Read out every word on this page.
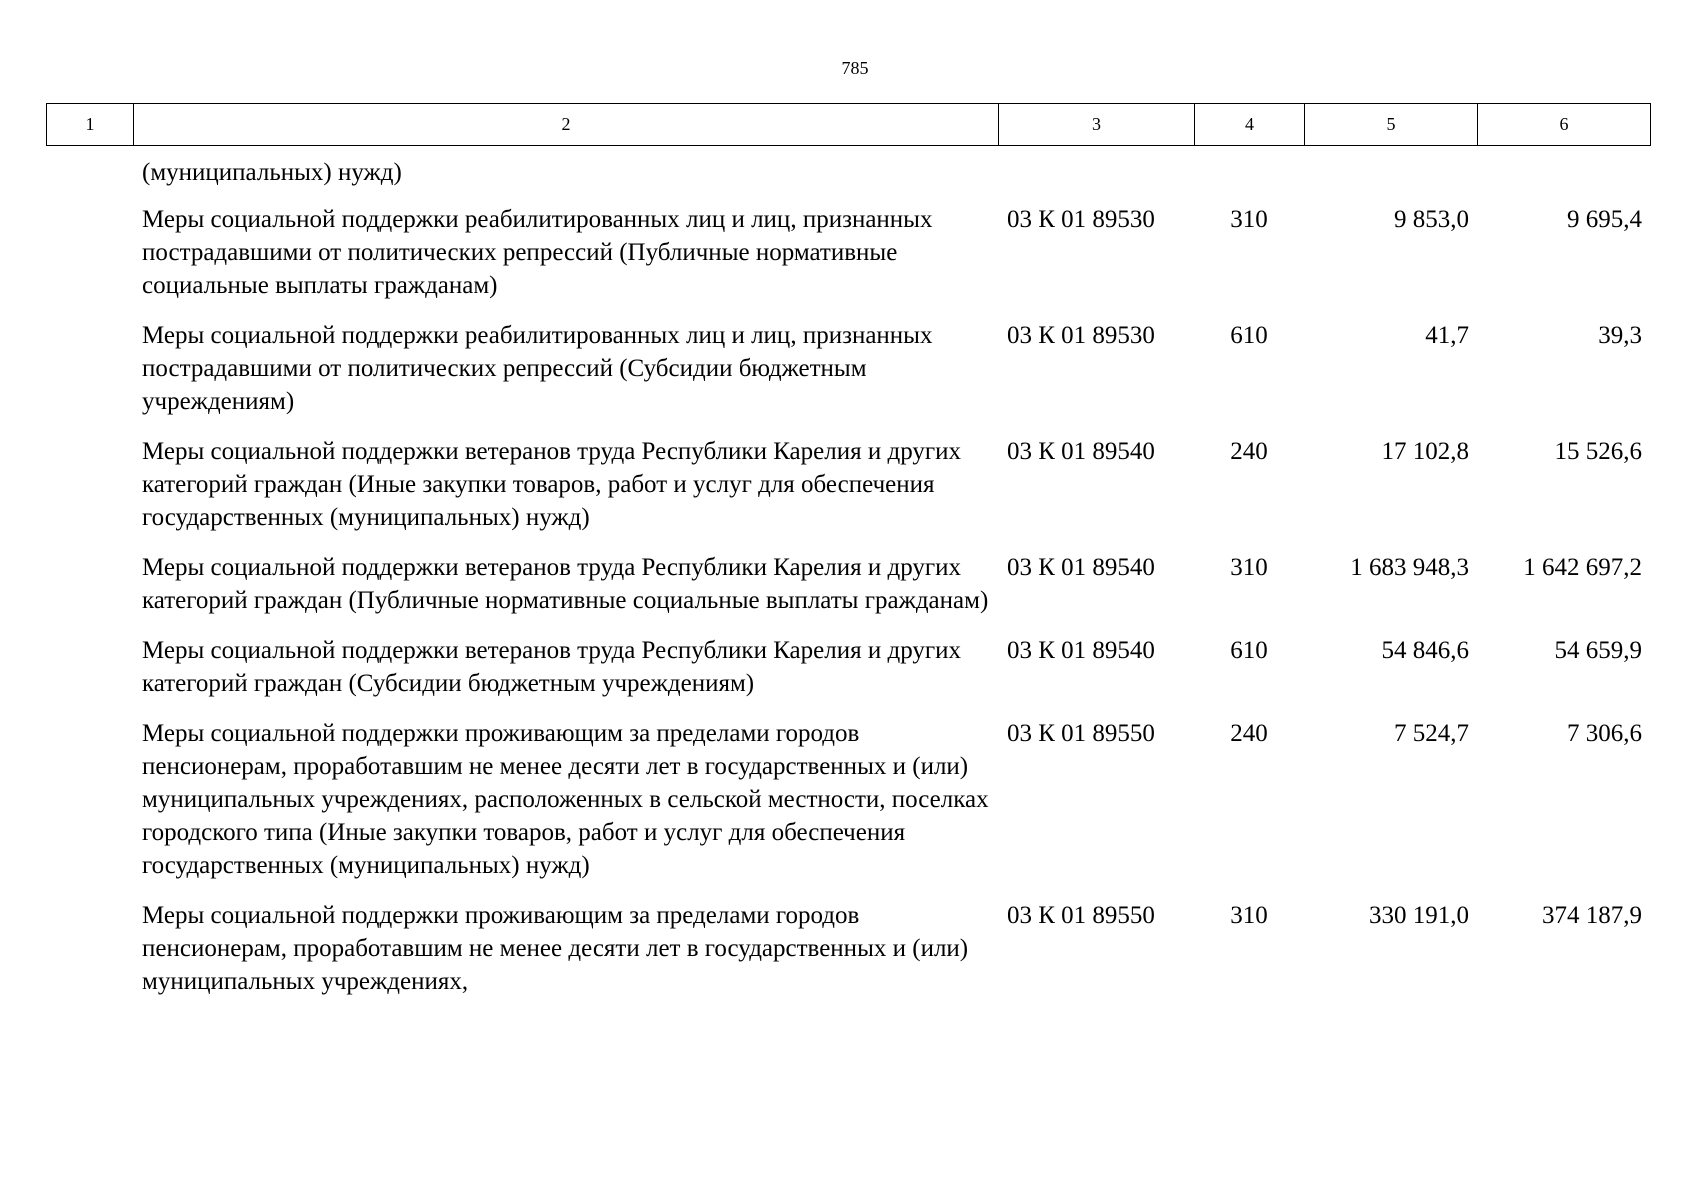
785
1	2	3	4	5	6
	(муниципальных) нужд)				
	Меры социальной поддержки реабилитированных лиц и лиц, признанных пострадавшими от политических репрессий (Публичные нормативные социальные выплаты гражданам)	03 К 01 89530	310	9 853,0	9 695,4
	Меры социальной поддержки реабилитированных лиц и лиц, признанных пострадавшими от политических репрессий (Субсидии бюджетным учреждениям)	03 К 01 89530	610	41,7	39,3
	Меры социальной поддержки ветеранов труда Республики Карелия и других категорий граждан (Иные закупки товаров, работ и услуг для обеспечения государственных (муниципальных) нужд)	03 К 01 89540	240	17 102,8	15 526,6
	Меры социальной поддержки ветеранов труда Республики Карелия и других категорий граждан (Публичные нормативные социальные выплаты гражданам)	03 К 01 89540	310	1 683 948,3	1 642 697,2
	Меры социальной поддержки ветеранов труда Республики Карелия и других категорий граждан (Субсидии бюджетным учреждениям)	03 К 01 89540	610	54 846,6	54 659,9
	Меры социальной поддержки проживающим за пределами городов пенсионерам, проработавшим не менее десяти лет в государственных и (или) муниципальных учреждениях, расположенных в сельской местности, поселках городского типа (Иные закупки товаров, работ и услуг для обеспечения государственных (муниципальных) нужд)	03 К 01 89550	240	7 524,7	7 306,6
	Меры социальной поддержки проживающим за пределами городов пенсионерам, проработавшим не менее десяти лет в государственных и (или) муниципальных учреждениях,	03 К 01 89550	310	330 191,0	374 187,9
